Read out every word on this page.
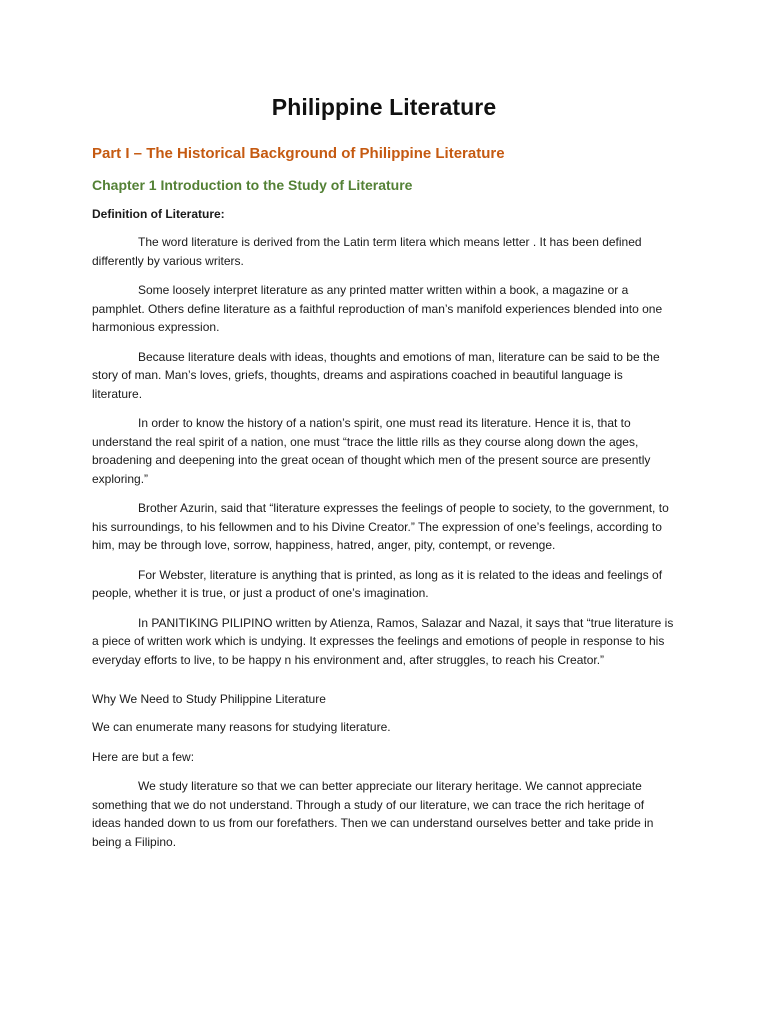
Philippine Literature
Part I – The Historical Background of Philippine Literature
Chapter 1 Introduction to the Study of Literature
Definition of Literature:

The word literature is derived from the Latin term litera which means letter . It has been defined differently by various writers.

Some loosely interpret literature as any printed matter written within a book, a magazine or a pamphlet. Others define literature as a faithful reproduction of man’s manifold experiences blended into one harmonious expression.

Because literature deals with ideas, thoughts and emotions of man, literature can be said to be the story of man. Man’s loves, griefs, thoughts, dreams and aspirations coached in beautiful language is literature.

In order to know the history of a nation’s spirit, one must read its literature. Hence it is, that to understand the real spirit of a nation, one must “trace the little rills as they course along down the ages, broadening and deepening into the great ocean of thought which men of the present source are presently exploring.”

Brother Azurin, said that “literature expresses the feelings of people to society, to the government, to his surroundings, to his fellowmen and to his Divine Creator.” The expression of one’s feelings, according to him, may be through love, sorrow, happiness, hatred, anger, pity, contempt, or revenge.

For Webster, literature is anything that is printed, as long as it is related to the ideas and feelings of people, whether it is true, or just a product of one’s imagination.

In PANITIKING PILIPINO written by Atienza, Ramos, Salazar and Nazal, it says that “true literature is a piece of written work which is undying. It expresses the feelings and emotions of people in response to his everyday efforts to live, to be happy n his environment and, after struggles, to reach his Creator.”

Why We Need to Study Philippine Literature

We can enumerate many reasons for studying literature.

Here are but a few:

We study literature so that we can better appreciate our literary heritage. We cannot appreciate something that we do not understand. Through a study of our literature, we can trace the rich heritage of ideas handed down to us from our forefathers. Then we can understand ourselves better and take pride in being a Filipino.
